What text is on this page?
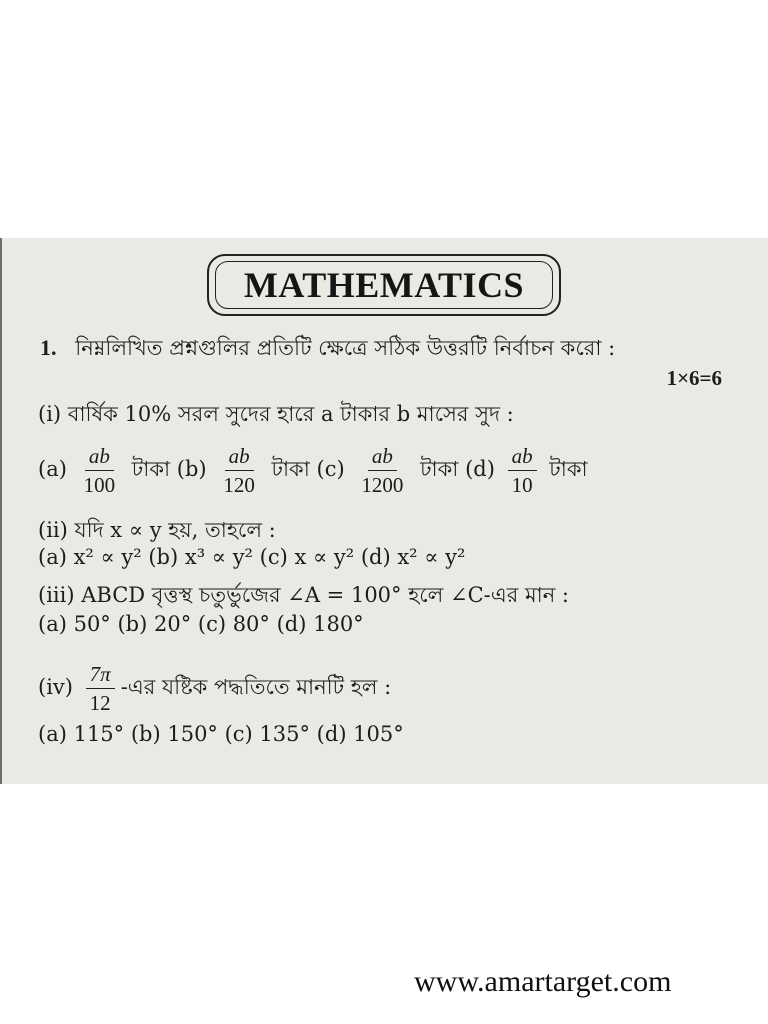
MATHEMATICS
1. নিম্নলিখিত প্রশ্নগুলির প্রতিটি ক্ষেত্রে সঠিক উত্তরটি নির্বাচন করো :
1×6=6
(i) বার্ষিক 10% সরল সুদের হারে a টাকার b মাসের সুদ :
$(a) \frac{ab}{100}$ টাকা $(b) \frac{ab}{120}$ টাকা $(c) \frac{ab}{1200}$ টাকা $(d) \frac{ab}{10}$ টাকা
(ii) যদি x ∝ y হয়, তাহলে :
(a) x² ∝ y² (b) x³ ∝ y² (c) x ∝ y² (d) x² ∝ y²
(iii) ABCD বৃত্তস্থ চতুর্ভুজের ∠A = 100° হলে ∠C-এর মান :
(a) 50° (b) 20° (c) 80° (d) 180°
$(iv) \frac{7\pi}{12}$ -এর যষ্টিক পদ্ধতিতে মানটি হল :
(a) 115° (b) 150° (c) 135° (d) 105°
www.amartarget.com
